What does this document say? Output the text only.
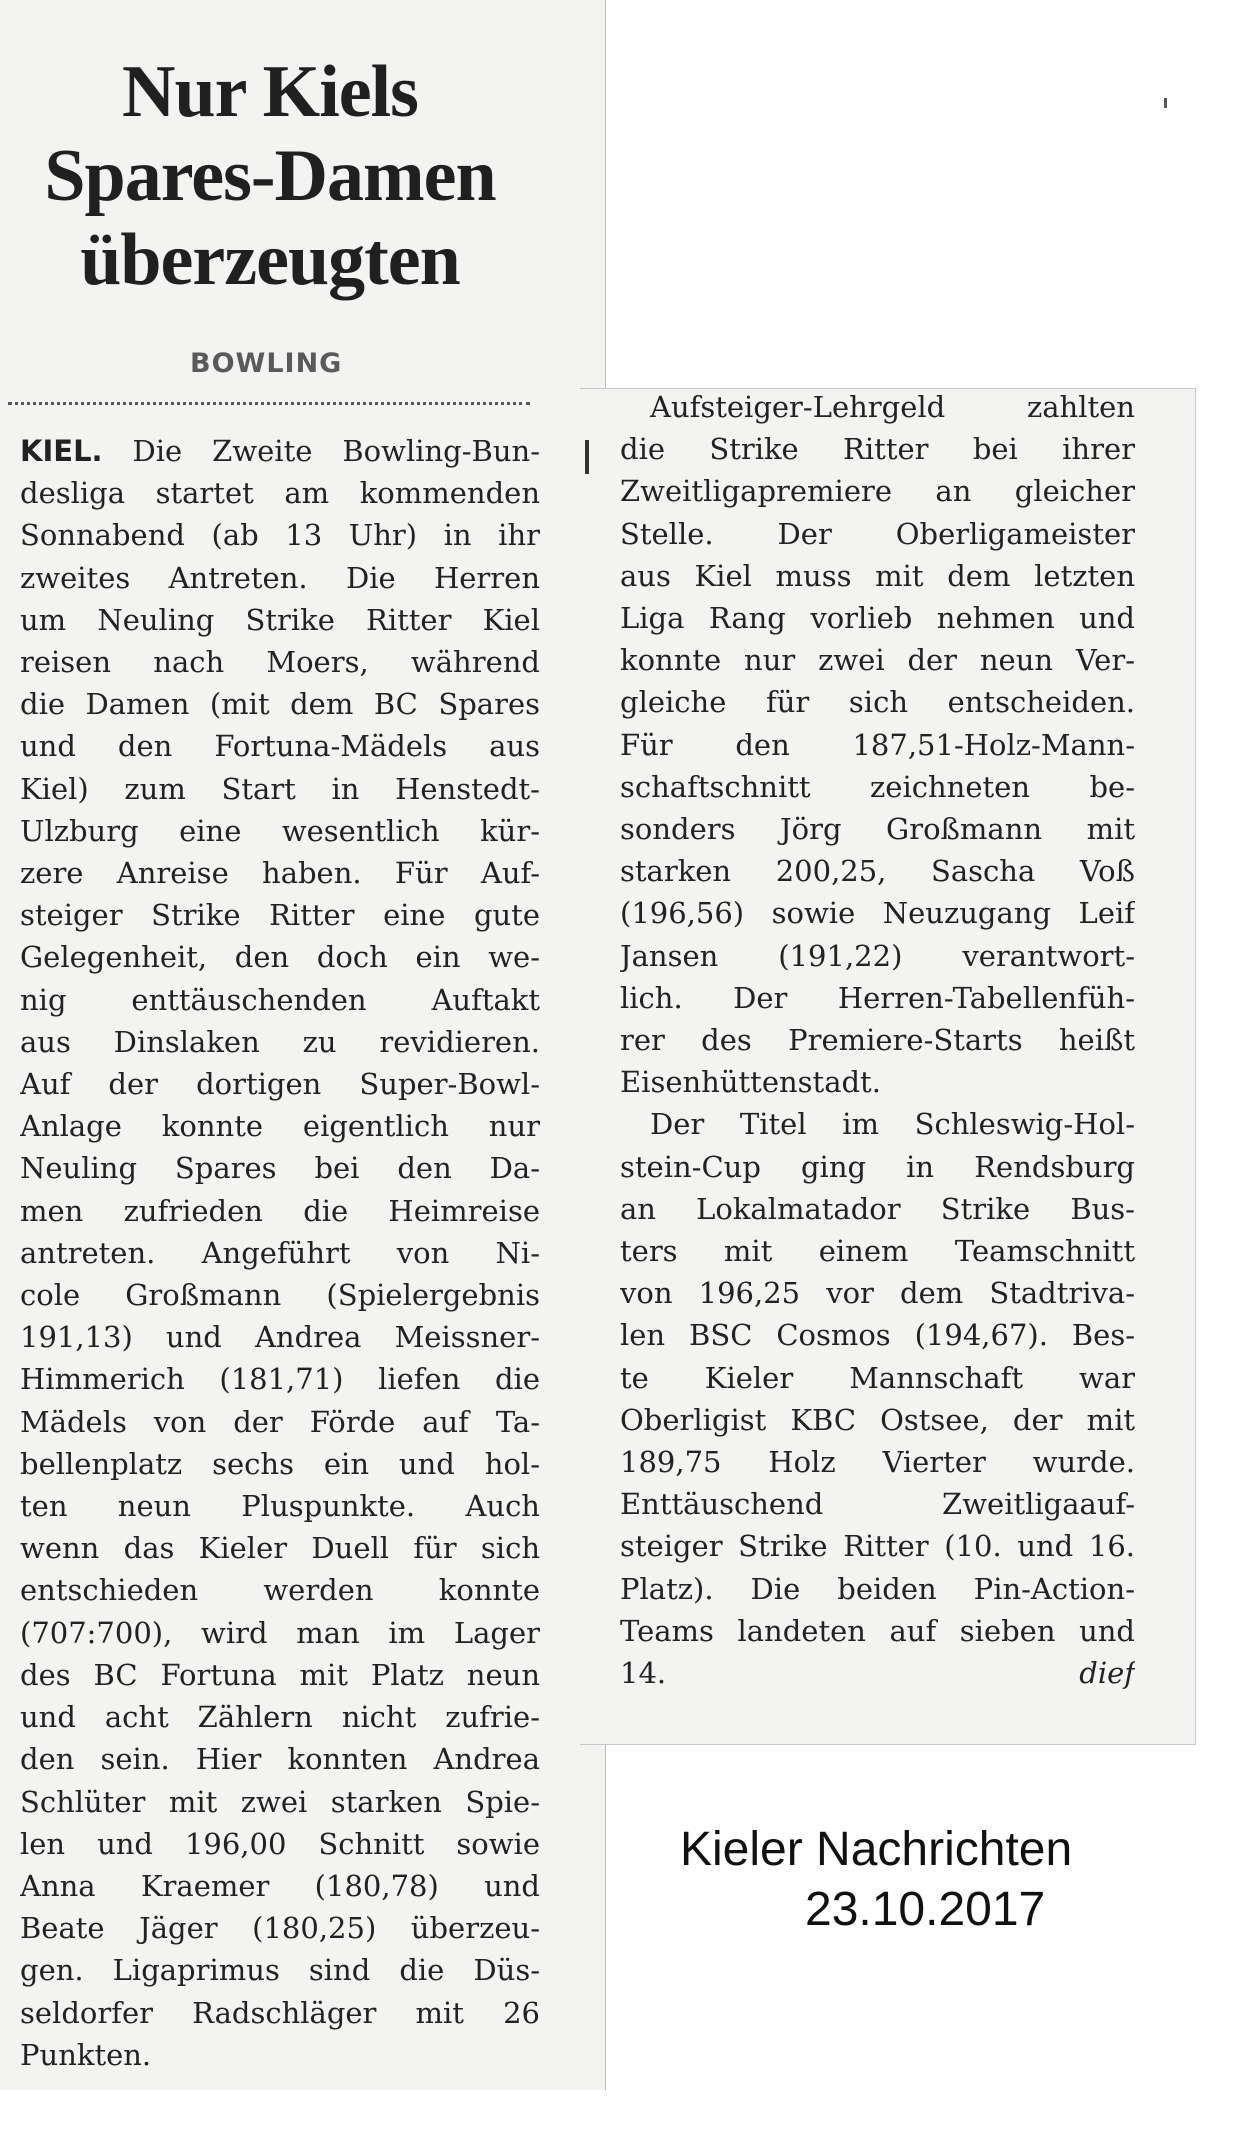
Nur Kiels
Spares-Damen
überzeugten
BOWLING
KIEL. Die Zweite Bowling-Bun-
desliga startet am kommenden
Sonnabend (ab 13 Uhr) in ihr
zweites Antreten. Die Herren
um Neuling Strike Ritter Kiel
reisen nach Moers, während
die Damen (mit dem BC Spares
und den Fortuna-Mädels aus
Kiel) zum Start in Henstedt-
Ulzburg eine wesentlich kür-
zere Anreise haben. Für Auf-
steiger Strike Ritter eine gute
Gelegenheit, den doch ein we-
nig enttäuschenden Auftakt
aus Dinslaken zu revidieren.
Auf der dortigen Super-Bowl-
Anlage konnte eigentlich nur
Neuling Spares bei den Da-
men zufrieden die Heimreise
antreten. Angeführt von Ni-
cole Großmann (Spielergebnis
191,13) und Andrea Meissner-
Himmerich (181,71) liefen die
Mädels von der Förde auf Ta-
bellenplatz sechs ein und hol-
ten neun Pluspunkte. Auch
wenn das Kieler Duell für sich
entschieden werden konnte
(707:700), wird man im Lager
des BC Fortuna mit Platz neun
und acht Zählern nicht zufrie-
den sein. Hier konnten Andrea
Schlüter mit zwei starken Spie-
len und 196,00 Schnitt sowie
Anna Kraemer (180,78) und
Beate Jäger (180,25) überzeu-
gen. Ligaprimus sind die Düs-
seldorfer Radschläger mit 26
Punkten.
Aufsteiger-Lehrgeld zahlten
die Strike Ritter bei ihrer
Zweitligapremiere an gleicher
Stelle. Der Oberligameister
aus Kiel muss mit dem letzten
Liga Rang vorlieb nehmen und
konnte nur zwei der neun Ver-
gleiche für sich entscheiden.
Für den 187,51-Holz-Mann-
schaftschnitt zeichneten be-
sonders Jörg Großmann mit
starken 200,25, Sascha Voß
(196,56) sowie Neuzugang Leif
Jansen (191,22) verantwort-
lich. Der Herren-Tabellenfüh-
rer des Premiere-Starts heißt
Eisenhüttenstadt.
Der Titel im Schleswig-Hol-
stein-Cup ging in Rendsburg
an Lokalmatador Strike Bus-
ters mit einem Teamschnitt
von 196,25 vor dem Stadtriva-
len BSC Cosmos (194,67). Bes-
te Kieler Mannschaft war
Oberligist KBC Ostsee, der mit
189,75 Holz Vierter wurde.
Enttäuschend Zweitligaauf-
steiger Strike Ritter (10. und 16.
Platz). Die beiden Pin-Action-
Teams landeten auf sieben und
14.	dief
Kieler Nachrichten
23.10.2017
